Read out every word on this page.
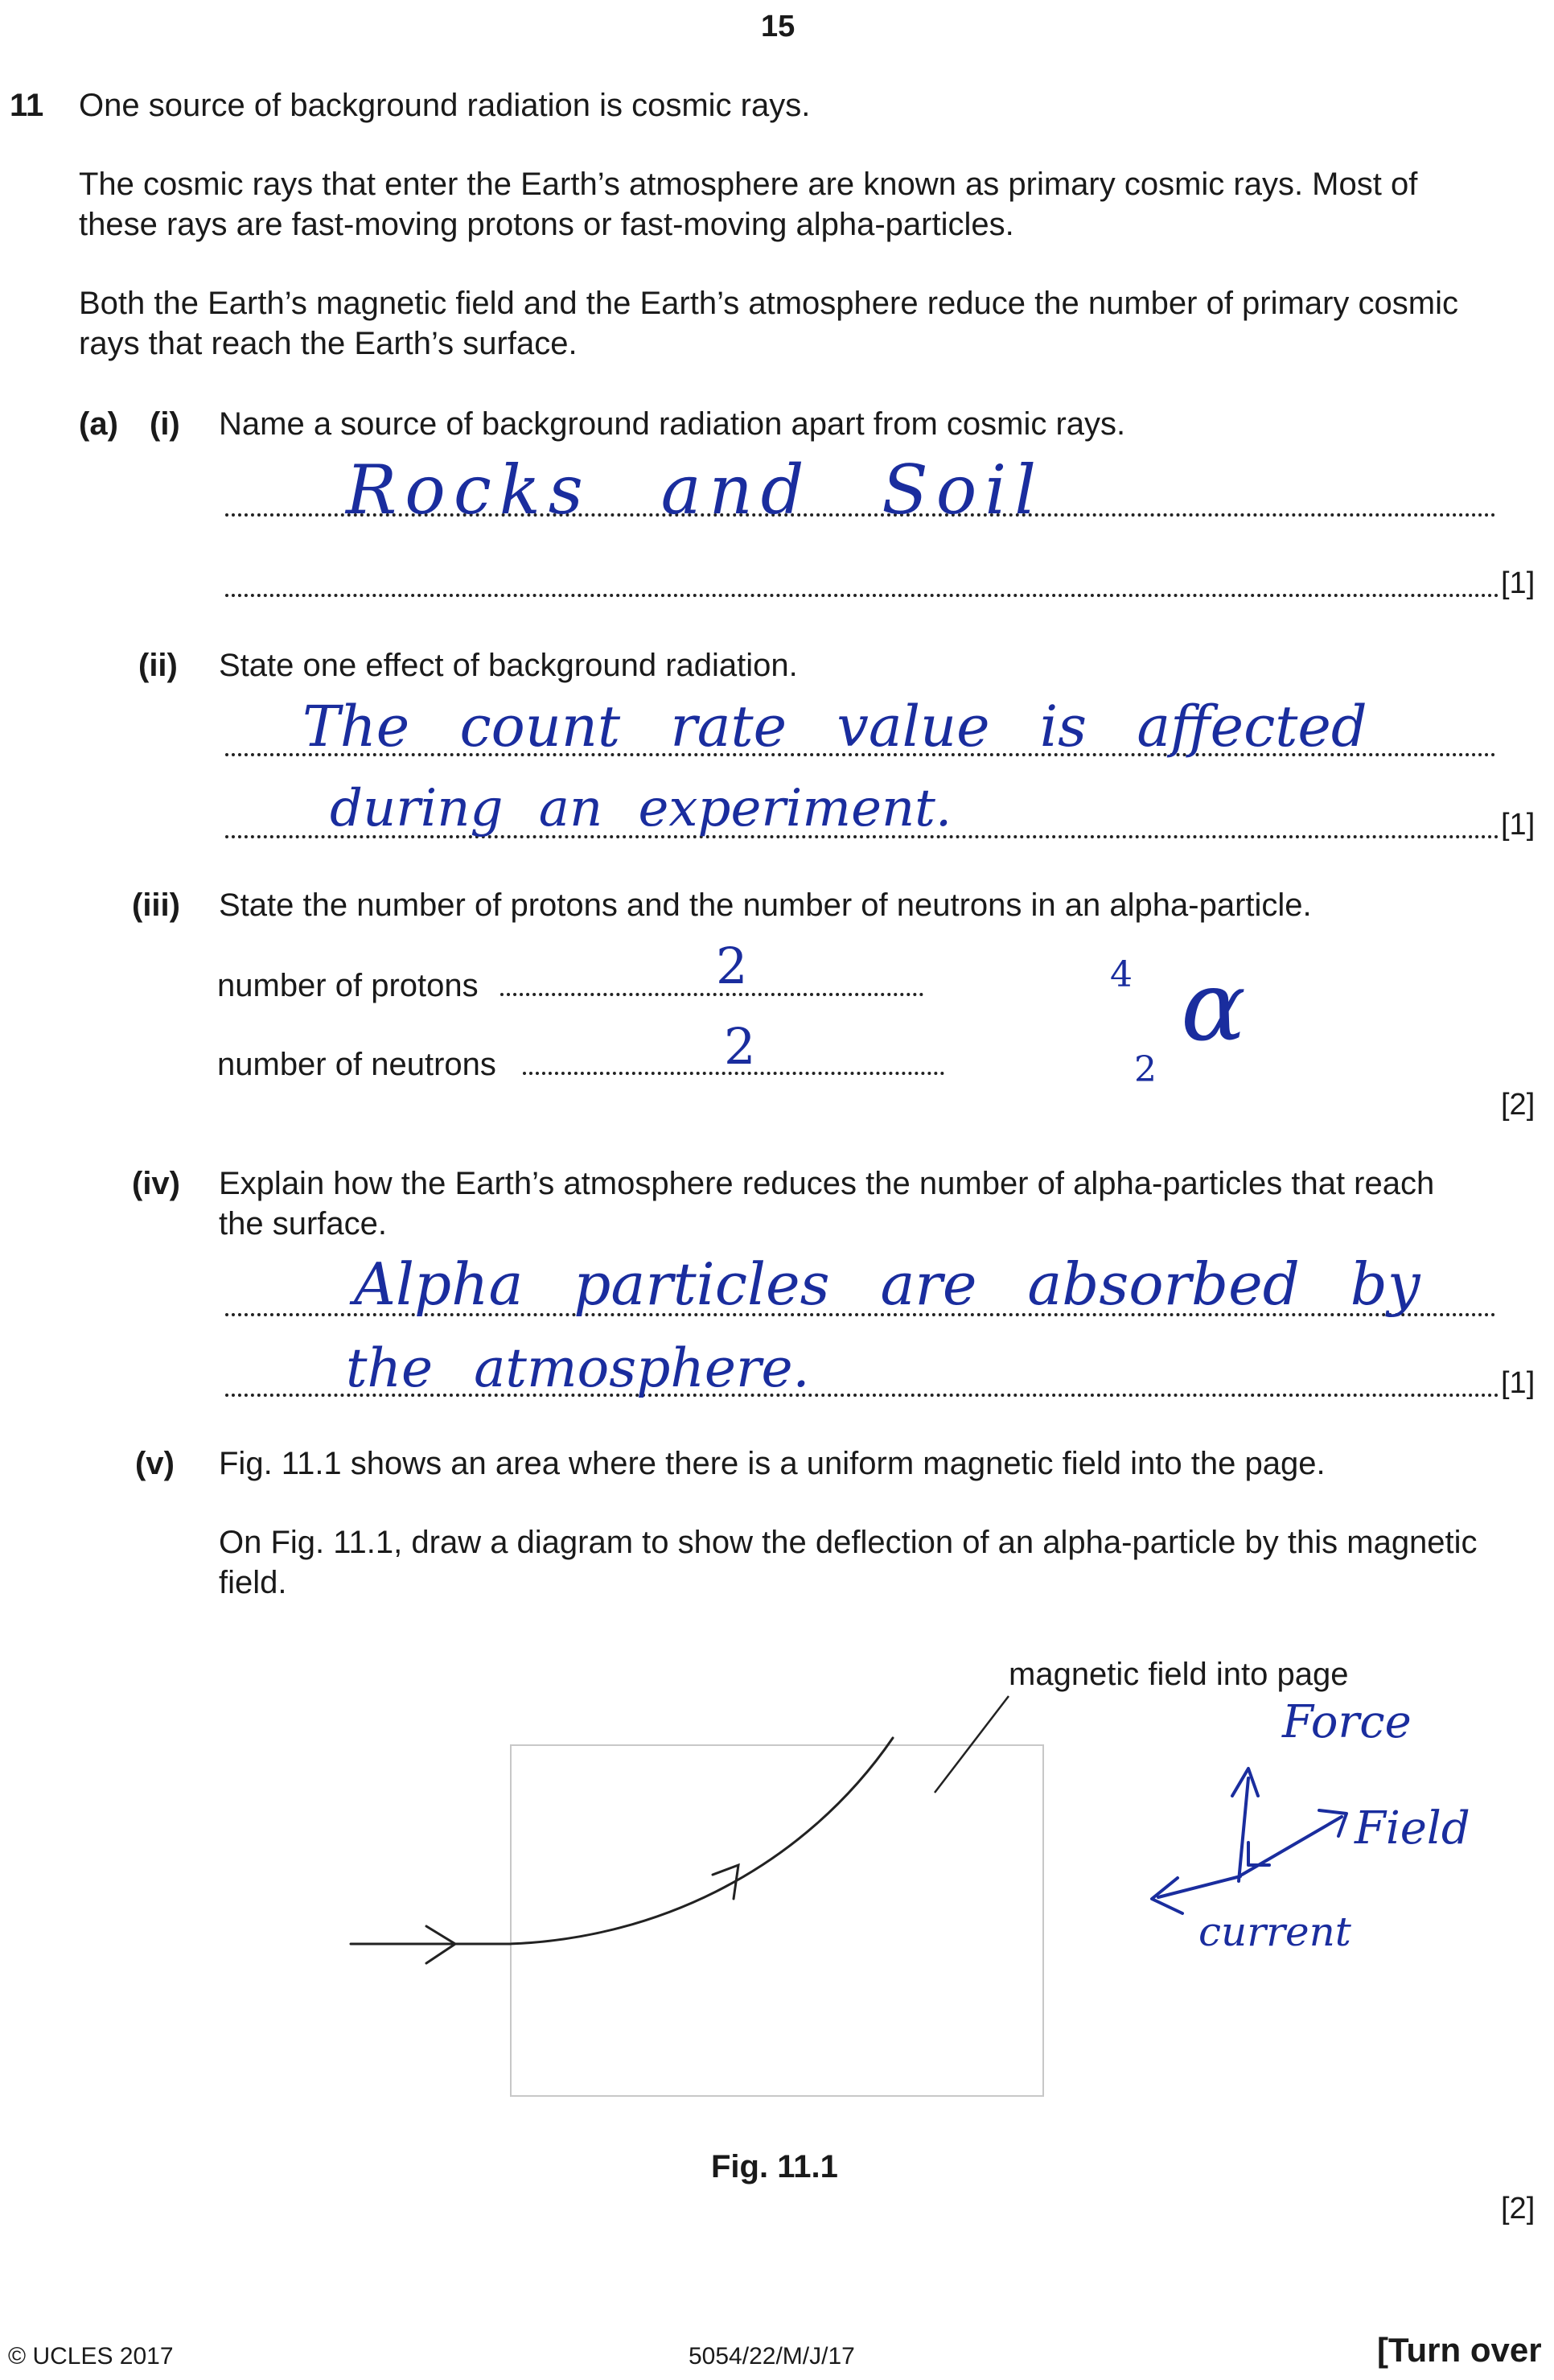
15
11 One source of background radiation is cosmic rays.
The cosmic rays that enter the Earth’s atmosphere are known as primary cosmic rays. Most of
these rays are fast-moving protons or fast-moving alpha-particles.
Both the Earth’s magnetic field and the Earth’s atmosphere reduce the number of primary cosmic
rays that reach the Earth’s surface.
(a) (i) Name a source of background radiation apart from cosmic rays.
Rocks and Soil
[1]
(ii) State one effect of background radiation.
The count rate value is affected
during an experiment.	[1]
(iii) State the number of protons and the number of neutrons in an alpha-particle.
number of protons	2
number of neutrons	2
4
2
α
[2]
(iv) Explain how the Earth’s atmosphere reduces the number of alpha-particles that reach
the surface.
Alpha particles are absorbed by
the atmosphere.	[1]
(v) Fig. 11.1 shows an area where there is a uniform magnetic field into the page.
On Fig. 11.1, draw a diagram to show the deflection of an alpha-particle by this magnetic
field.
magnetic field into page
Force
Field
current
Fig. 11.1
[2]
© UCLES 2017	5054/22/M/J/17	[Turn over
